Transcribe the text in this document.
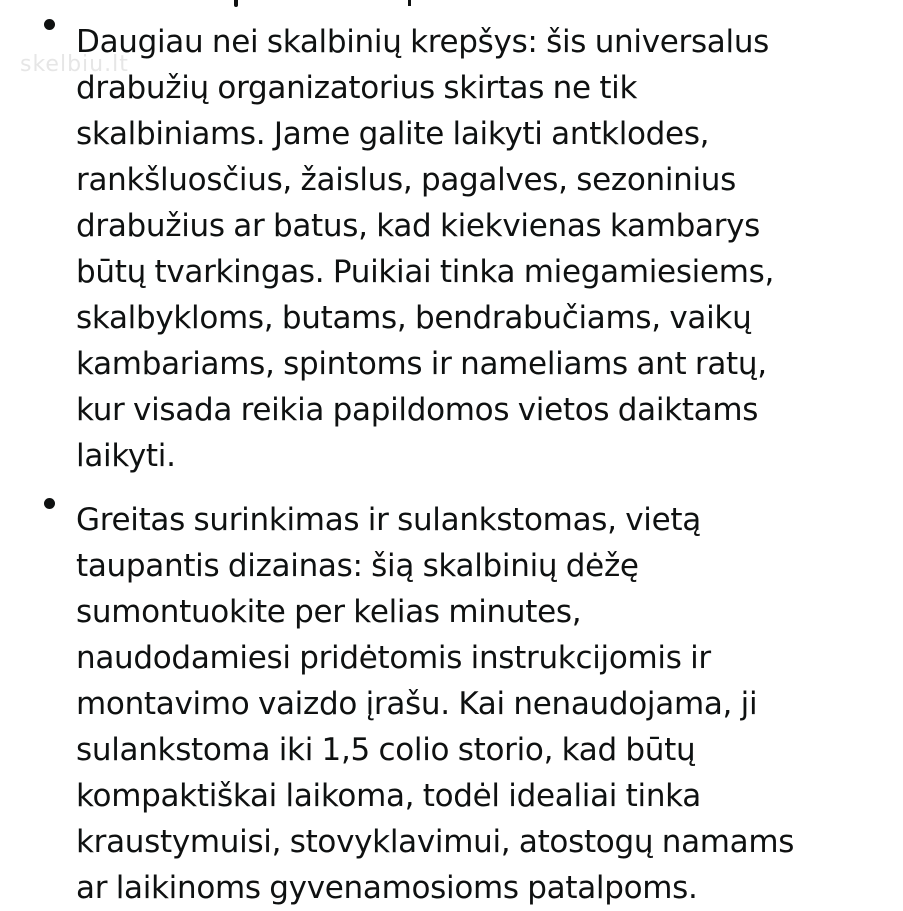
skelbiu.lt
Daugiau nei skalbinių krepšys: šis universalus
drabužių organizatorius skirtas ne tik
skalbiniams. Jame galite laikyti antklodes,
rankšluosčius, žaislus, pagalves, sezoninius
drabužius ar batus, kad kiekvienas kambarys
būtų tvarkingas. Puikiai tinka miegamiesiems,
skalbykloms, butams, bendrabučiams, vaikų
kambariams, spintoms ir nameliams ant ratų,
kur visada reikia papildomos vietos daiktams
laikyti.
Greitas surinkimas ir sulankstomas, vietą
taupantis dizainas: šią skalbinių dėžę
sumontuokite per kelias minutes,
naudodamiesi pridėtomis instrukcijomis ir
montavimo vaizdo įrašu. Kai nenaudojama, ji
sulankstoma iki 1,5 colio storio, kad būtų
kompaktiškai laikoma, todėl idealiai tinka
kraustymuisi, stovyklavimui, atostogų namams
ar laikinoms gyvenamosioms patalpoms.
